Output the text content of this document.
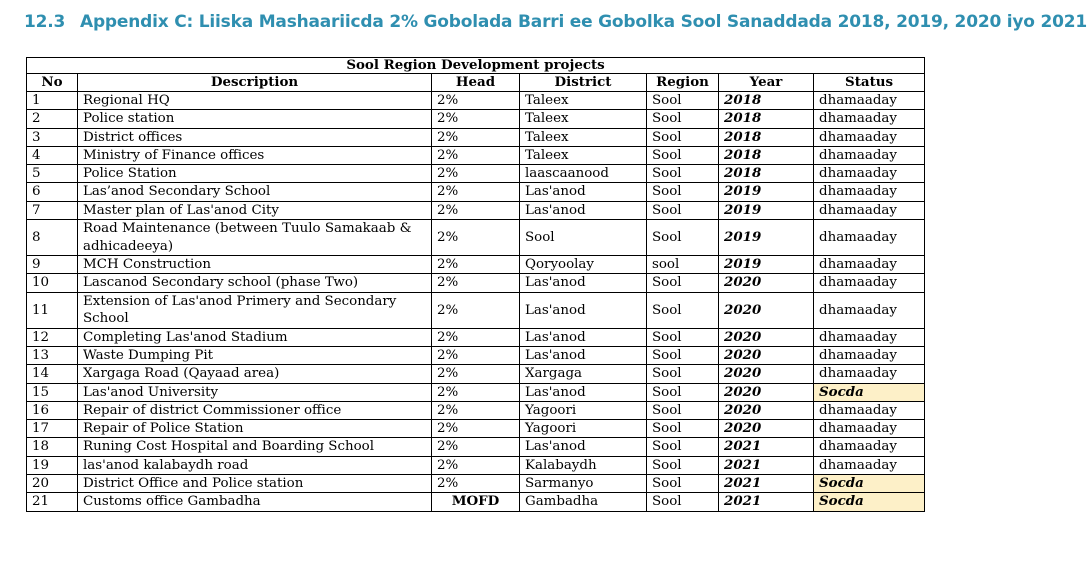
12.3 Appendix C: Liiska Mashaariicda 2% Gobolada Barri ee Gobolka Sool Sanaddada 2018, 2019, 2020 iyo 2021
Sool Region Development projects						
No	Description	Head	District	Region	Year	Status
1	Regional HQ	2%	Taleex	Sool	2018	dhamaaday
2	Police station	2%	Taleex	Sool	2018	dhamaaday
3	District offices	2%	Taleex	Sool	2018	dhamaaday
4	Ministry of Finance offices	2%	Taleex	Sool	2018	dhamaaday
5	Police Station	2%	laascaanood	Sool	2018	dhamaaday
6	Las’anod Secondary School	2%	Las'anod	Sool	2019	dhamaaday
7	Master plan of Las'anod City	2%	Las'anod	Sool	2019	dhamaaday
8	Road Maintenance (between Tuulo Samakaab & adhicadeeya)	2%	Sool	Sool	2019	dhamaaday
9	MCH Construction	2%	Qoryoolay	sool	2019	dhamaaday
10	Lascanod Secondary school (phase Two)	2%	Las'anod	Sool	2020	dhamaaday
11	Extension of Las'anod Primery and Secondary School	2%	Las'anod	Sool	2020	dhamaaday
12	Completing Las'anod Stadium	2%	Las'anod	Sool	2020	dhamaaday
13	Waste Dumping Pit	2%	Las'anod	Sool	2020	dhamaaday
14	Xargaga Road (Qayaad area)	2%	Xargaga	Sool	2020	dhamaaday
15	Las'anod University	2%	Las'anod	Sool	2020	Socda
16	Repair of district Commissioner office	2%	Yagoori	Sool	2020	dhamaaday
17	Repair of Police Station	2%	Yagoori	Sool	2020	dhamaaday
18	Runing Cost Hospital and Boarding School	2%	Las'anod	Sool	2021	dhamaaday
19	las'anod kalabaydh road	2%	Kalabaydh	Sool	2021	dhamaaday
20	District Office and Police station	2%	Sarmanyo	Sool	2021	Socda
21	Customs office Gambadha	MOFD	Gambadha	Sool	2021	Socda
